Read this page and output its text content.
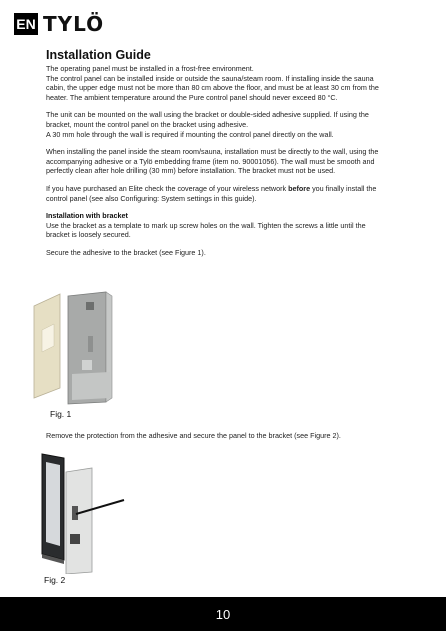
EN TYLÖ
Installation Guide

The operating panel must be installed in a frost-free environment.

The control panel can be installed inside or outside the sauna/steam room. If installing inside the sauna

cabin, the upper edge must not be more than 80 cm above the floor, and must be at least 30 cm from the

heater. The ambient temperature around the Pure control panel should never exceed 80 °C.

The unit can be mounted on the wall using the bracket or double-sided adhesive supplied. If using the

bracket, mount the control panel on the bracket using adhesive.

A 30 mm hole through the wall is required if mounting the control panel directly on the wall.

When installing the panel inside the steam room/sauna, installation must be directly to the wall, using the

accompanying adhesive or a Tylö embedding frame (item no. 90001056). The wall must be smooth and

perfectly clean after hole drilling (30 mm) before installation. The bracket must not be used.

If you have purchased an Elite check the coverage of your wireless network before you finally install the

control panel (see also Configuring: System settings in this guide).

Installation with bracket

Use the bracket as a template to mark up screw holes on the wall. Tighten the screws a little until the

bracket is loosely secured.

Secure the adhesive to the bracket (see Figure 1).

Fig. 1

Remove the protection from the adhesive and secure the panel to the bracket (see Figure 2).

Fig. 2
10
